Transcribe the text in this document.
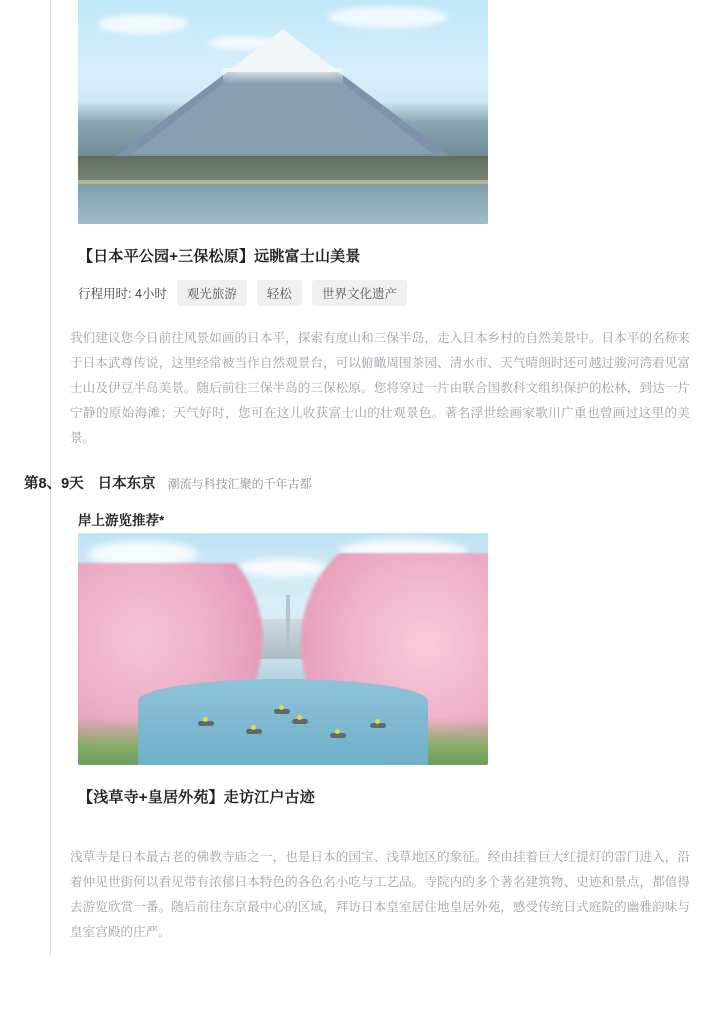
【日本平公园+三保松原】远眺富士山美景
行程用时: 4小时	观光旅游	轻松	世界文化遗产
我们建议您今日前往风景如画的日本平，探索有度山和三保半岛，走入日本乡村的自然美景中。日本平的名称来于日本武尊传说，这里经常被当作自然观景台，可以俯瞰周围茶园、清水市、天气晴朗时还可越过骏河湾看见富士山及伊豆半岛美景。随后前往三保半岛的三保松原。您将穿过一片由联合国教科文组织保护的松林，到达一片宁静的原始海滩；天气好时，您可在这儿收获富士山的壮观景色。著名浮世绘画家歌川广重也曾画过这里的美景。
第8、9天 日本东京 潮流与科技汇聚的千年古都
岸上游览推荐*
【浅草寺+皇居外苑】走访江户古迹
浅草寺是日本最古老的佛教寺庙之一，也是日本的国宝、浅草地区的象征。经由挂着巨大红提灯的雷门进入，沿着仲见世街何以看见带有浓郁日本特色的各色名小吃与工艺品。寺院内的多个著名建筑物、史迹和景点，都值得去游览欣赏一番。随后前往东京最中心的区域，拜访日本皇室居住地皇居外苑，感受传统日式庭院的幽雅韵味与皇室宫殿的庄严。
